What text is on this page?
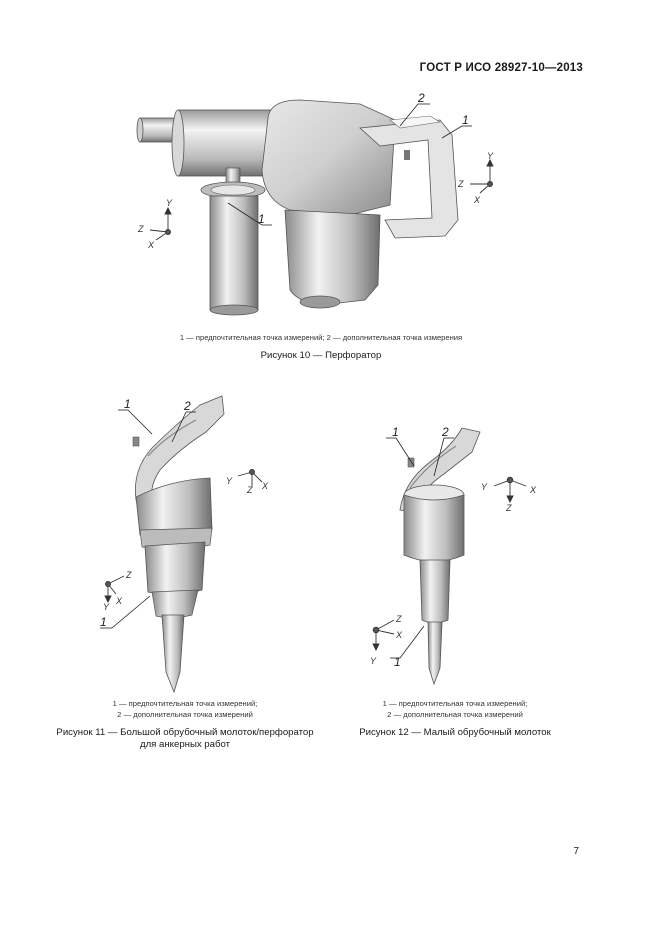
ГОСТ Р ИСО 28927-10—2013
2
1
1
Y
Z
X
Y
Z
X
1 — предпочтительная точка измерений; 2 — дополнительная точка измерения
Рисунок 10 — Перфоратор
1	2
1
Y
Z X
Z
Y
X
1 — предпочтительная точка измерений;
2 — дополнительная точка измерений
Рисунок 11 — Большой обрубочный молоток/перфоратор
для анкерных работ
1	2
1
Y	X
Z
Z
X
Y
1 — предпочтительная точка измерений;
2 — дополнительная точка измерений
Рисунок 12 — Малый обрубочный молоток
7
